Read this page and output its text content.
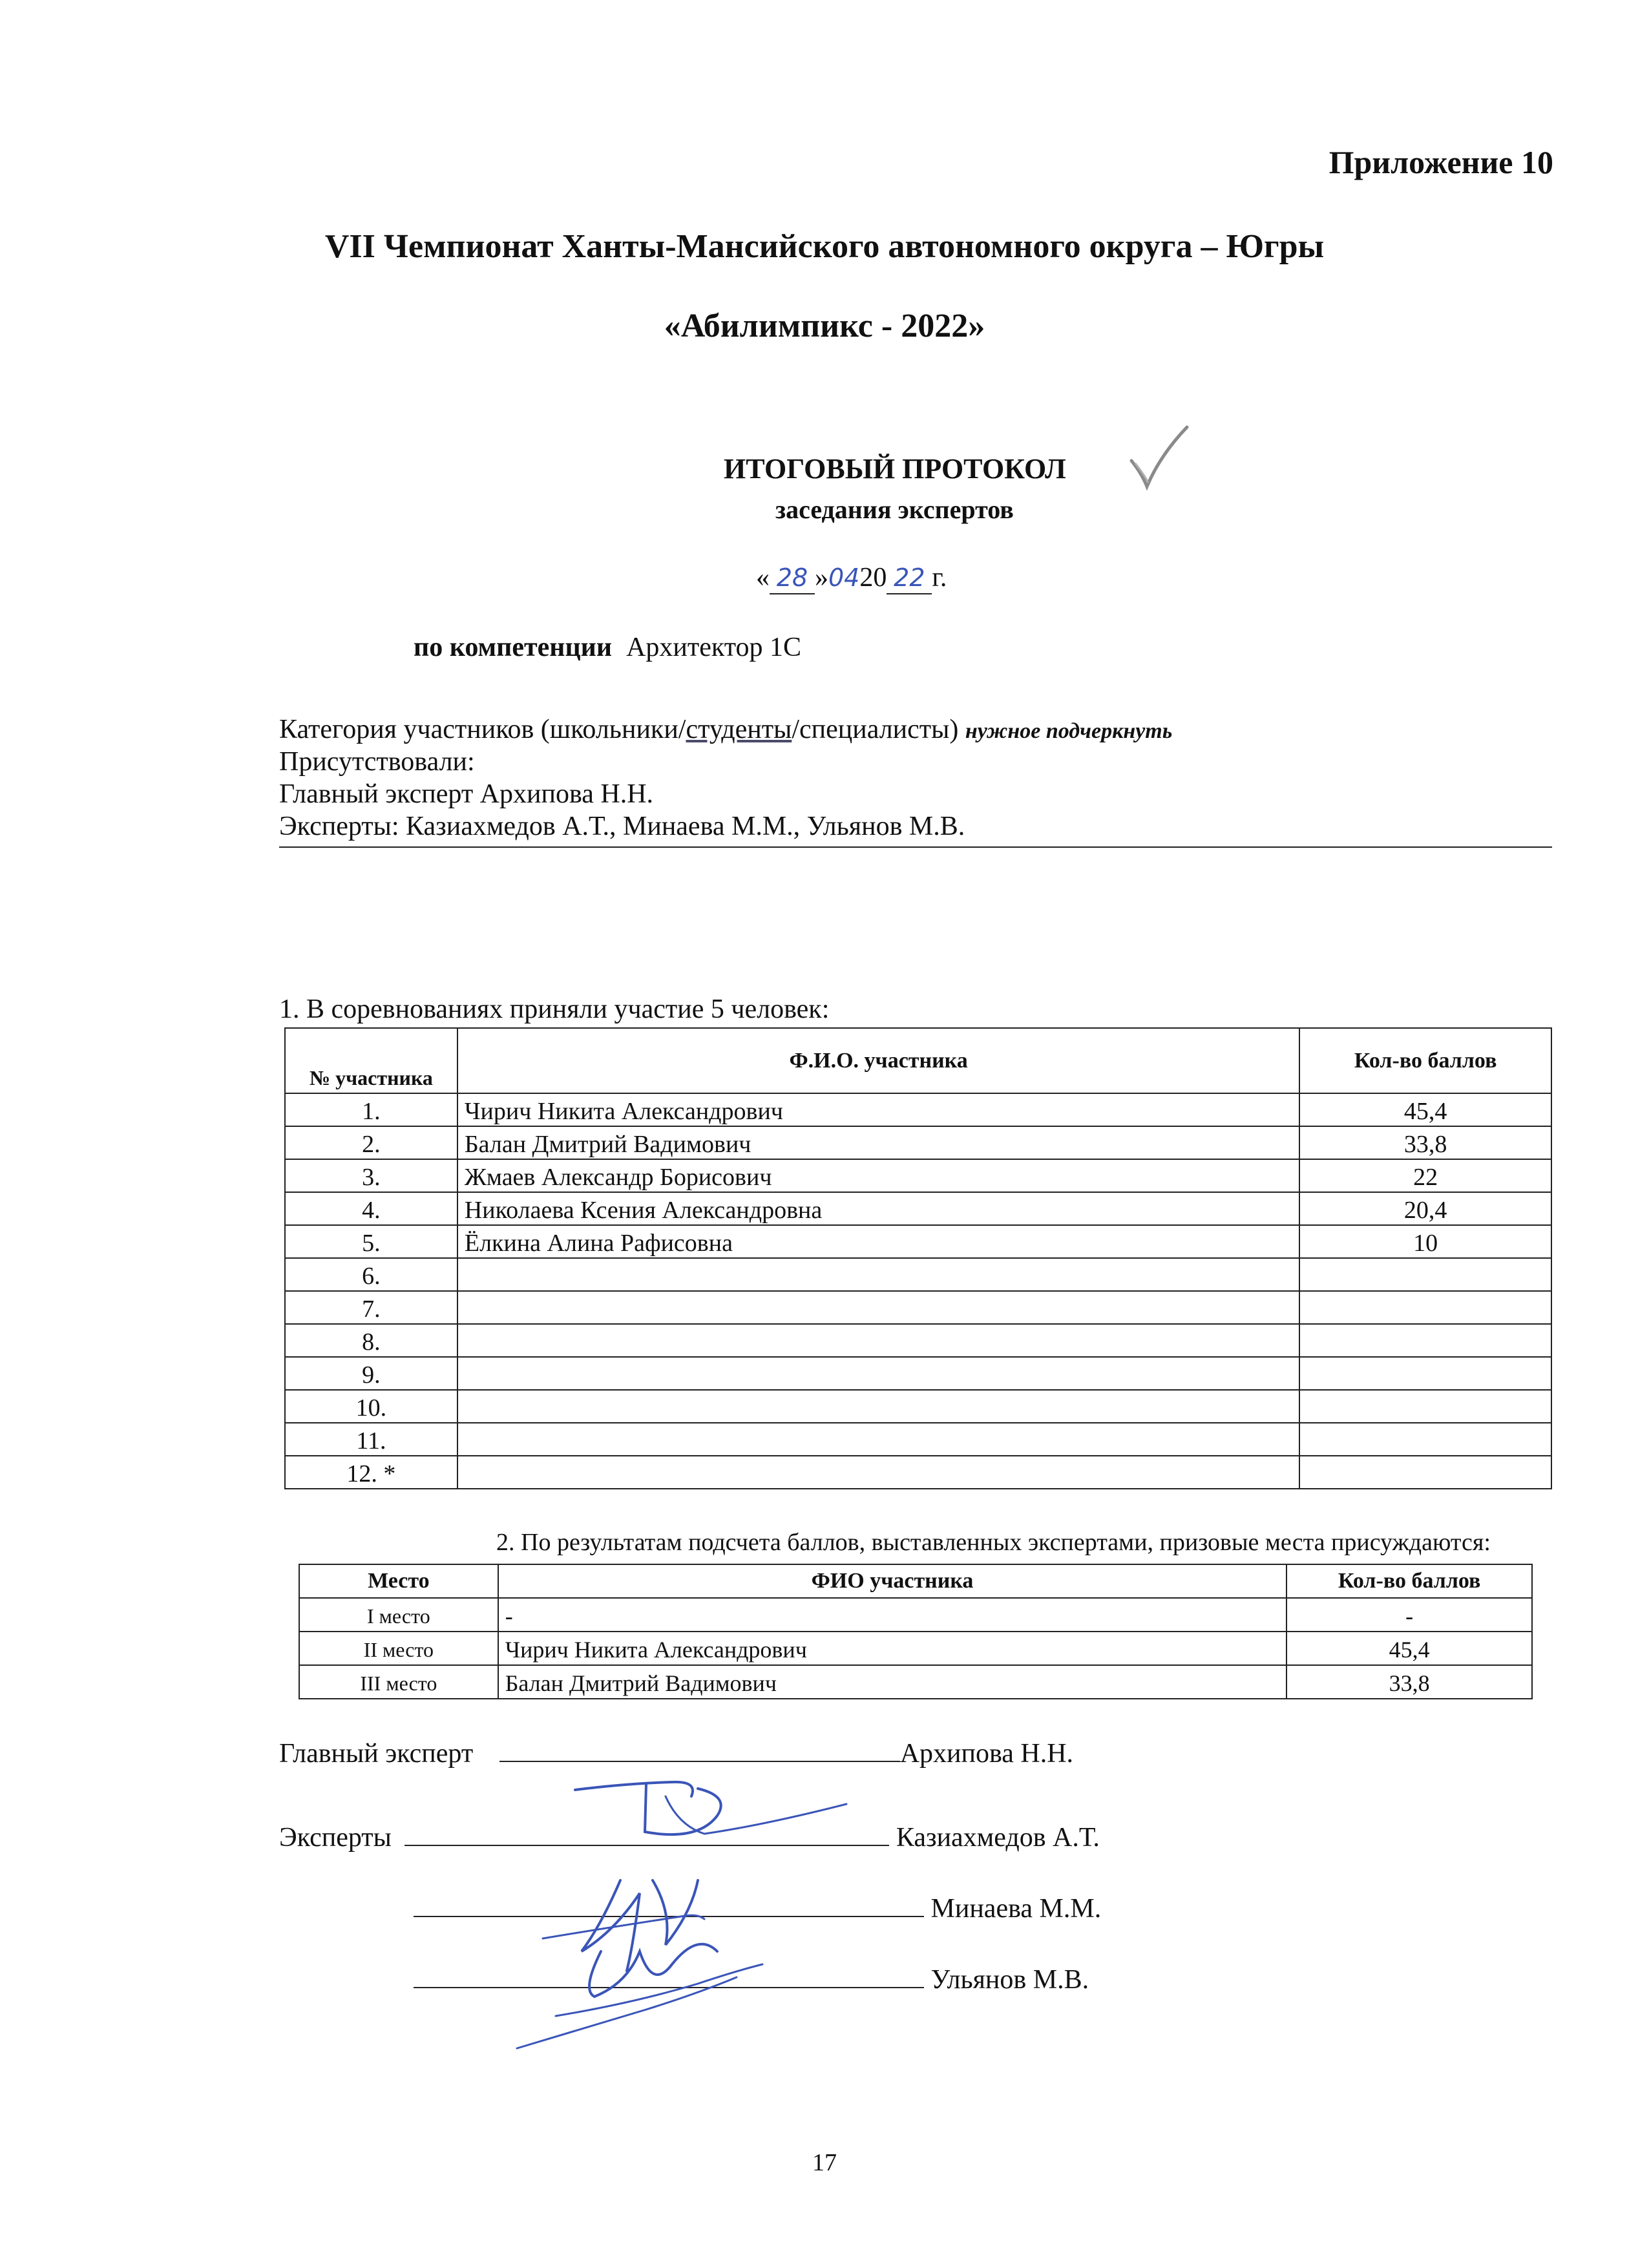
Приложение 10
VII Чемпионат Ханты-Мансийского автономного округа – Югры
«Абилимпикс - 2022»
ИТОГОВЫЙ ПРОТОКОЛ
заседания экспертов
« 28 »0420 22 г.
по компетенции Архитектор 1С
Категория участников (школьники/студенты/специалисты) нужное подчеркнуть
Присутствовали:
Главный эксперт Архипова Н.Н.
Эксперты: Казиахмедов А.Т., Минаева М.М., Ульянов М.В.
1. В соревнованиях приняли участие 5 человек:
№ участника	Ф.И.О. участника	Кол-во баллов
1.	Чирич Никита Александрович	45,4
2.	Балан Дмитрий Вадимович	33,8
3.	Жмаев Александр Борисович	22
4.	Николаева Ксения Александровна	20,4
5.	Ёлкина Алина Рафисовна	10
6.		
7.		
8.		
9.		
10.		
11.		
12. *		
2. По результатам подсчета баллов, выставленных экспертами, призовые места присуждаются:
Место	ФИО участника	Кол-во баллов
I место	-	-
II место	Чирич Никита Александрович	45,4
III место	Балан Дмитрий Вадимович	33,8
Главный эксперт	Архипова Н.Н.
Эксперты	Казиахмедов А.Т.
Минаева М.М.
Ульянов М.В.
17
